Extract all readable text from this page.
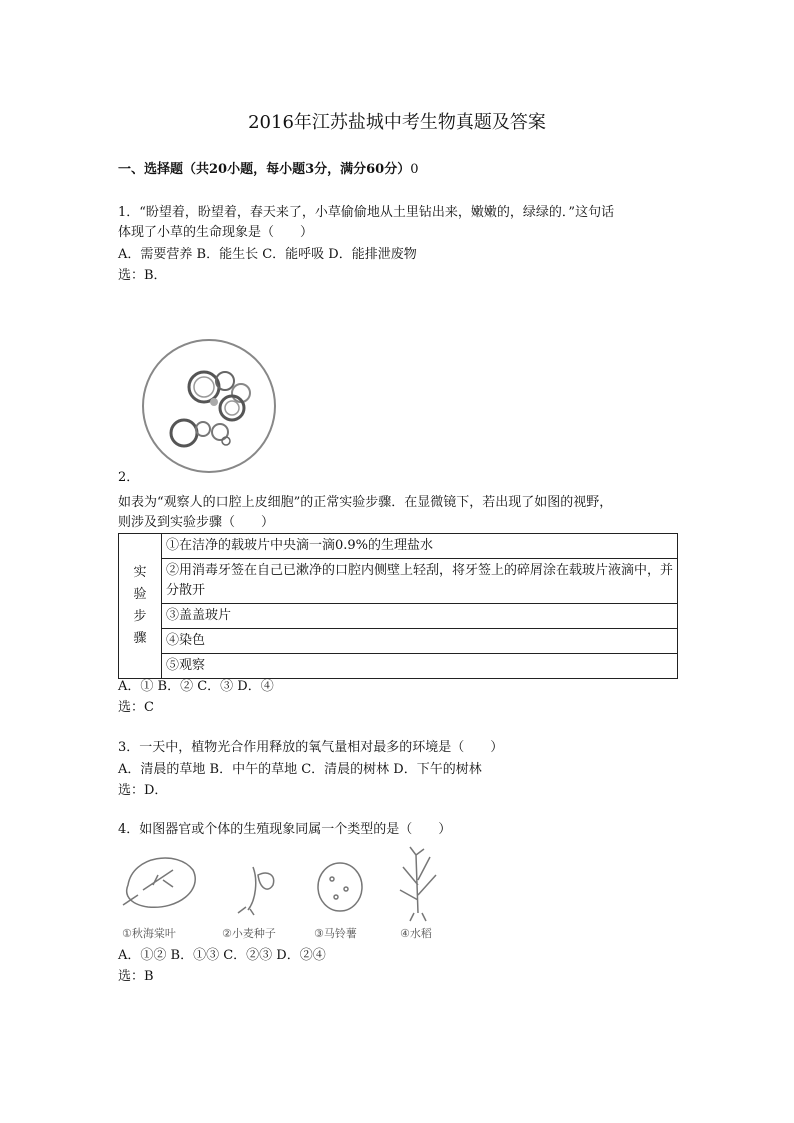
2016年江苏盐城中考生物真题及答案
一、选择题（共20小题，每小题3分，满分60分）0
1．“盼望着，盼望着，春天来了，小草偷偷地从土里钻出来，嫩嫩的，绿绿的．”这句话
体现了小草的生命现象是（　　）
A．需要营养 B．能生长 C．能呼吸 D．能排泄废物
选：B．
2．
如表为“观察人的口腔上皮细胞”的正常实验步骤．在显微镜下，若出现了如图的视野，
则涉及到实验步骤（　　）
实
验
步
骤
	①在洁净的载玻片中央滴一滴0.9%的生理盐水
②用消毒牙签在自己已漱净的口腔内侧壁上轻刮，将牙签上的碎屑涂在载玻片液滴中，并分散开
③盖盖玻片
④染色
⑤观察
A．① B．② C．③ D．④
选：C
3．一天中，植物光合作用释放的氧气量相对最多的环境是（　　）
A．清晨的草地 B．中午的草地 C．清晨的树林 D．下午的树林
选：D．
4．如图器官或个体的生殖现象同属一个类型的是（　　）
①秋海棠叶	②小麦种子	③马铃薯	④水稻
A．①② B．①③ C．②③ D．②④
选：B
